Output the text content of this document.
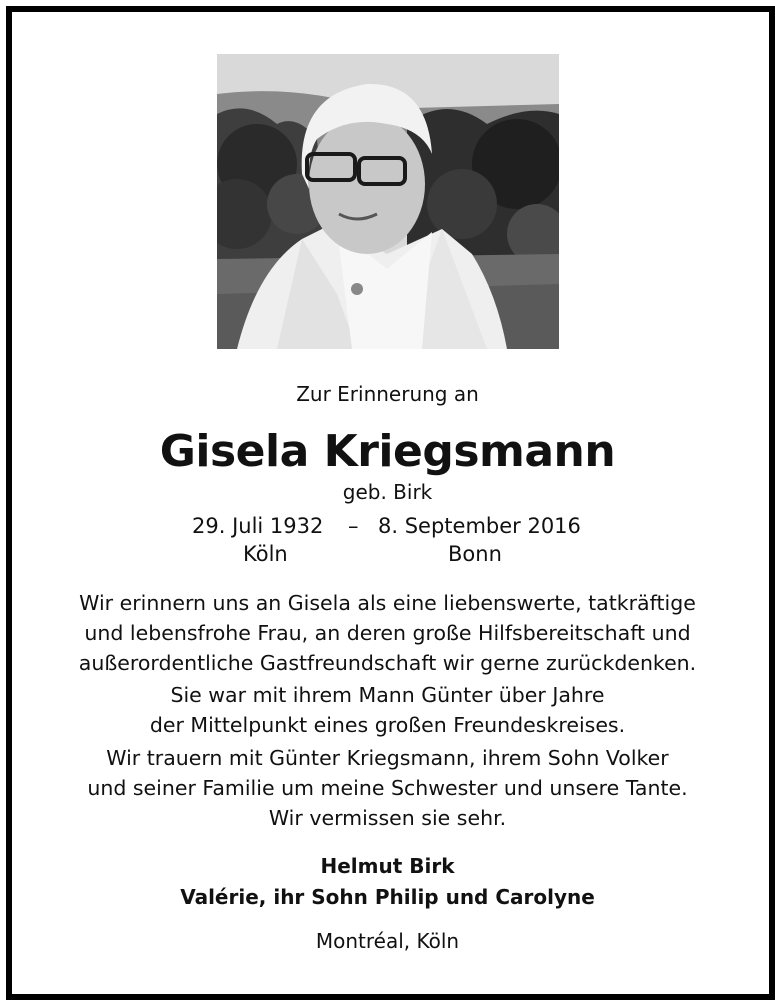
Zur Erinnerung an
Gisela Kriegsmann
geb. Birk
29. Juli 1932 – 8. September 2016
Köln	Bonn
Wir erinnern uns an Gisela als eine liebenswerte, tatkräftige
und lebensfrohe Frau, an deren große Hilfsbereitschaft und
außerordentliche Gastfreundschaft wir gerne zurückdenken.
Sie war mit ihrem Mann Günter über Jahre
der Mittelpunkt eines großen Freundeskreises.
Wir trauern mit Günter Kriegsmann, ihrem Sohn Volker
und seiner Familie um meine Schwester und unsere Tante.
Wir vermissen sie sehr.
Helmut Birk
Valérie, ihr Sohn Philip und Carolyne
Montréal, Köln
